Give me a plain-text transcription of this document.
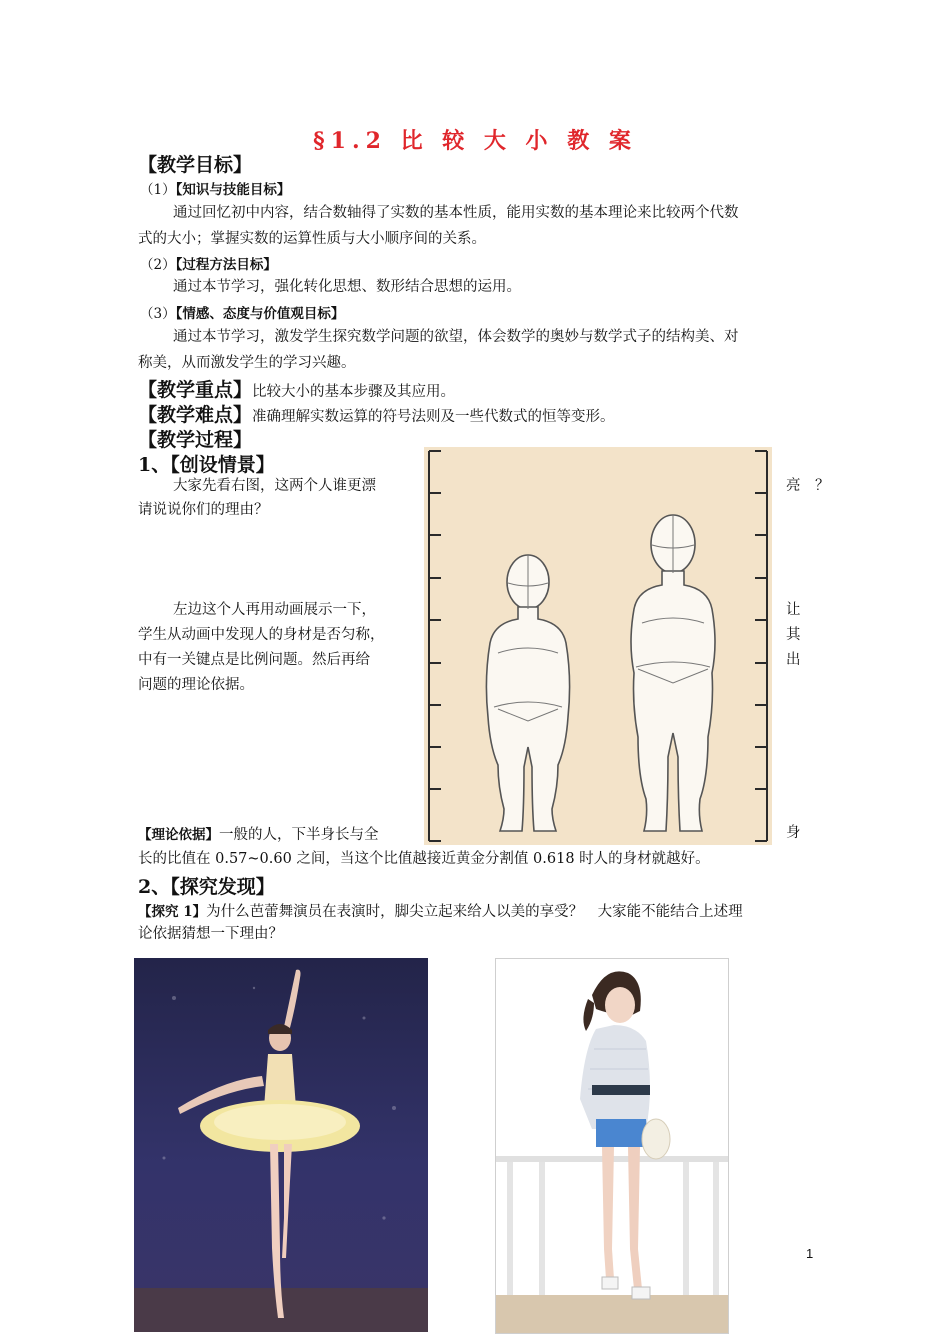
§1.2 比 较 大 小 教 案
【教学目标】
（1）【知识与技能目标】
通过回忆初中内容，结合数轴得了实数的基本性质，能用实数的基本理论来比较两个代数
式的大小；掌握实数的运算性质与大小顺序间的关系。
（2）【过程方法目标】
通过本节学习，强化转化思想、数形结合思想的运用。
（3）【情感、态度与价值观目标】
通过本节学习，激发学生探究数学问题的欲望，体会数学的奥妙与数学式子的结构美、对
称美，从而激发学生的学习兴趣。
【教学重点】比较大小的基本步骤及其应用。
【教学难点】准确理解实数运算的符号法则及一些代数式的恒等变形。
【教学过程】
1、【创设情景】
大家先看右图，这两个人谁更漂	亮　？
请说说你们的理由？
左边这个人再用动画展示一下，	让
学生从动画中发现人的身材是否匀称，	其
中有一关键点是比例问题。然后再给	出
问题的理论依据。
【理论依据】一般的人，下半身长与全	身
长的比值在 0.57~0.60 之间，当这个比值越接近黄金分割值 0.618 时人的身材就越好。
2、【探究发现】
【探究 1】为什么芭蕾舞演员在表演时，脚尖立起来给人以美的享受？　大家能不能结合上述理
论依据猜想一下理由？
1
